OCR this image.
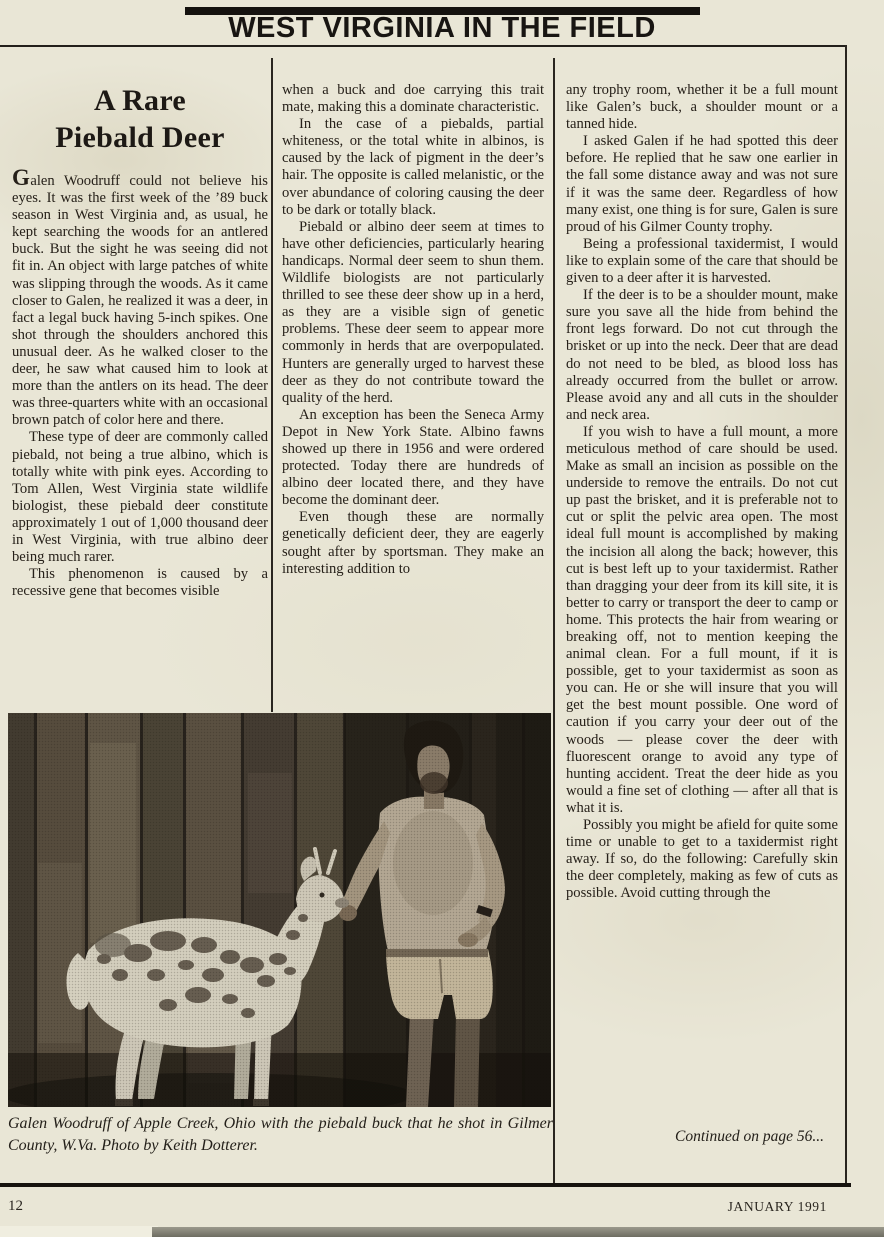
WEST VIRGINIA IN THE FIELD
A Rare
Piebald Deer

Galen Woodruff could not believe his eyes. It was the first week of the ’89 buck season in West Virginia and, as usual, he kept searching the woods for an antlered buck. But the sight he was seeing did not fit in. An object with large patches of white was slipping through the woods. As it came closer to Galen, he realized it was a deer, in fact a legal buck having 5-inch spikes. One shot through the shoulders anchored this unusual deer. As he walked closer to the deer, he saw what caused him to look at more than the antlers on its head. The deer was three-quarters white with an occasional brown patch of color here and there.

These type of deer are commonly called piebald, not being a true albino, which is totally white with pink eyes. According to Tom Allen, West Virginia state wildlife biologist, these piebald deer constitute approximately 1 out of 1,000 thousand deer in West Virginia, with true albino deer being much rarer.

This phenomenon is caused by a recessive gene that becomes visible

when a buck and doe carrying this trait mate, making this a dominate characteristic.

In the case of a piebalds, partial whiteness, or the total white in albinos, is caused by the lack of pigment in the deer’s hair. The opposite is called melanistic, or the over abundance of coloring causing the deer to be dark or totally black.

Piebald or albino deer seem at times to have other deficiencies, particularly hearing handicaps. Normal deer seem to shun them. Wildlife biologists are not particularly thrilled to see these deer show up in a herd, as they are a visible sign of genetic problems. These deer seem to appear more commonly in herds that are overpopulated. Hunters are generally urged to harvest these deer as they do not contribute toward the quality of the herd.

An exception has been the Seneca Army Depot in New York State. Albino fawns showed up there in 1956 and were ordered protected. Today there are hundreds of albino deer located there, and they have become the dominant deer.

Even though these are normally genetically deficient deer, they are eagerly sought after by sportsman. They make an interesting addition to

any trophy room, whether it be a full mount like Galen’s buck, a shoulder mount or a tanned hide.

I asked Galen if he had spotted this deer before. He replied that he saw one earlier in the fall some distance away and was not sure if it was the same deer. Regardless of how many exist, one thing is for sure, Galen is sure proud of his Gilmer County trophy.

Being a professional taxidermist, I would like to explain some of the care that should be given to a deer after it is harvested.

If the deer is to be a shoulder mount, make sure you save all the hide from behind the front legs forward. Do not cut through the brisket or up into the neck. Deer that are dead do not need to be bled, as blood loss has already occurred from the bullet or arrow. Please avoid any and all cuts in the shoulder and neck area.

If you wish to have a full mount, a more meticulous method of care should be used. Make as small an incision as possible on the underside to remove the entrails. Do not cut up past the brisket, and it is preferable not to cut or split the pelvic area open. The most ideal full mount is accomplished by making the incision all along the back; however, this cut is best left up to your taxidermist. Rather than dragging your deer from its kill site, it is better to carry or transport the deer to camp or home. This protects the hair from wearing or breaking off, not to mention keeping the animal clean. For a full mount, if it is possible, get to your taxidermist as soon as you can. He or she will insure that you will get the best mount possible. One word of caution if you carry your deer out of the woods — please cover the deer with fluorescent orange to avoid any type of hunting accident. Treat the deer hide as you would a fine set of clothing — after all that is what it is.

Possibly you might be afield for quite some time or unable to get to a taxidermist right away. If so, do the following: Carefully skin the deer completely, making as few of cuts as possible. Avoid cutting through the

Galen Woodruff of Apple Creek, Ohio with the piebald buck that he shot in Gilmer County, W.Va. Photo by Keith Dotterer.	Continued on page 56...
12	JANUARY 1991
